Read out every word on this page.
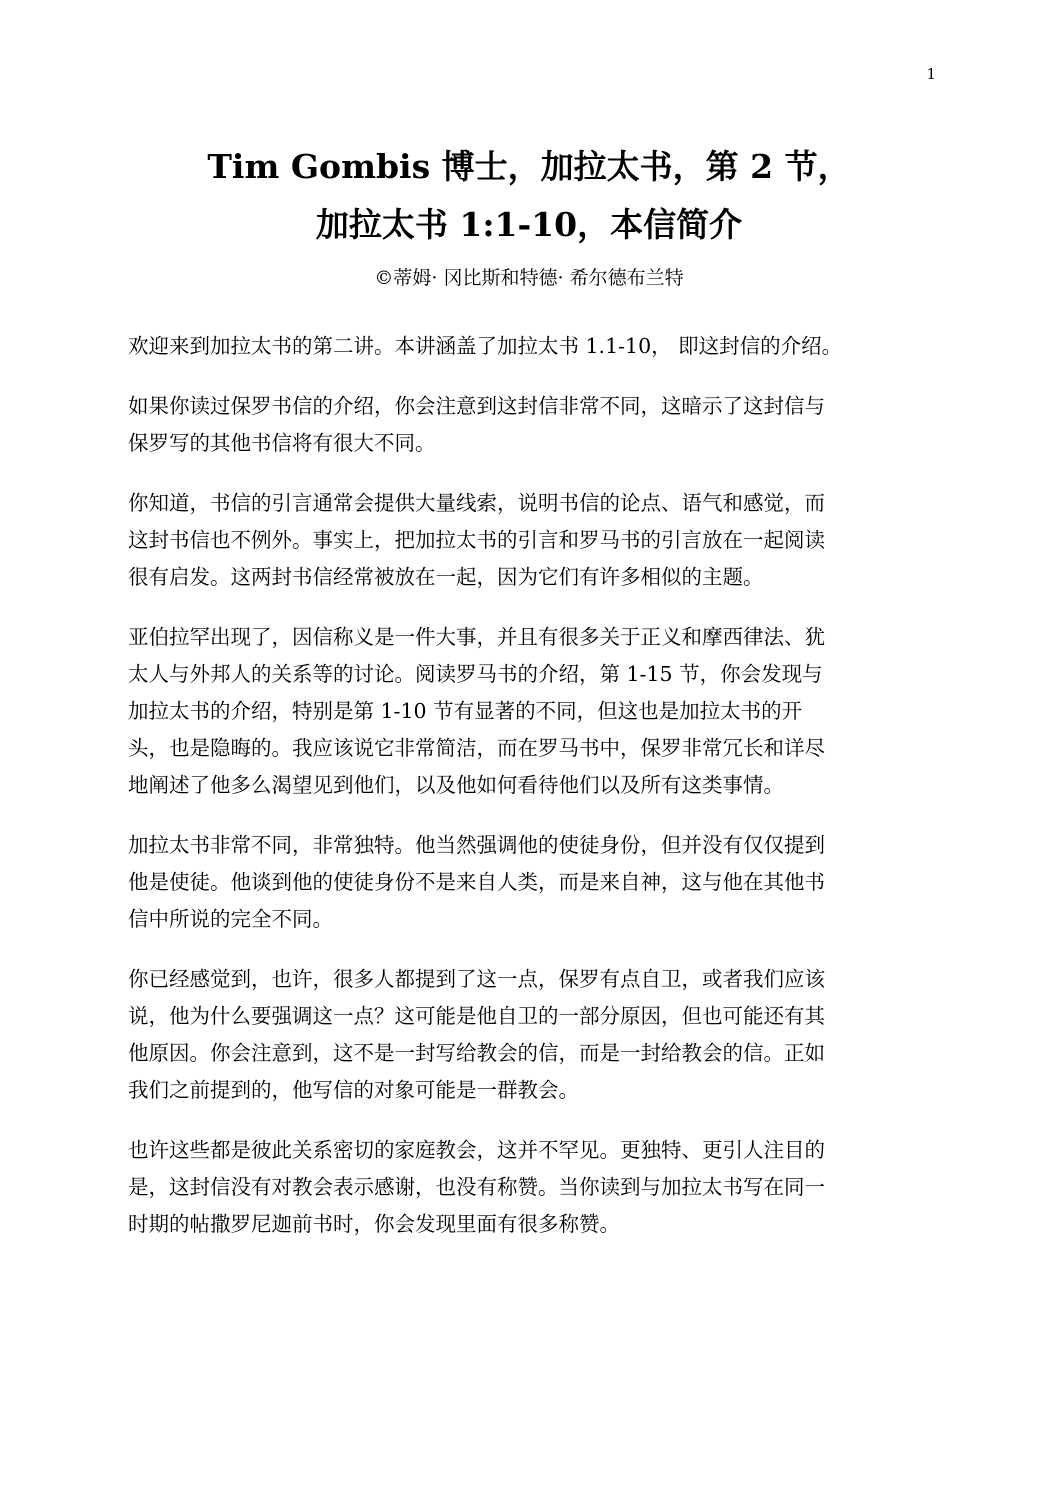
1
Tim Gombis 博士，加拉太书，第 2 节，
加拉太书 1:1-10，本信简介
©蒂姆· 冈比斯和特德· 希尔德布兰特

欢迎来到加拉太书的第二讲。本讲涵盖了加拉太书 1.1-10， 即这封信的介绍。

如果你读过保罗书信的介绍，你会注意到这封信非常不同，这暗示了这封信与
保罗写的其他书信将有很大不同。

你知道，书信的引言通常会提供大量线索，说明书信的论点、语气和感觉，而
这封书信也不例外。事实上，把加拉太书的引言和罗马书的引言放在一起阅读
很有启发。这两封书信经常被放在一起，因为它们有许多相似的主题。

亚伯拉罕出现了，因信称义是一件大事，并且有很多关于正义和摩西律法、犹
太人与外邦人的关系等的讨论。阅读罗马书的介绍，第 1-15 节，你会发现与
加拉太书的介绍，特别是第 1-10 节有显著的不同，但这也是加拉太书的开
头，也是隐晦的。我应该说它非常简洁，而在罗马书中，保罗非常冗长和详尽
地阐述了他多么渴望见到他们，以及他如何看待他们以及所有这类事情。

加拉太书非常不同，非常独特。他当然强调他的使徒身份，但并没有仅仅提到
他是使徒。他谈到他的使徒身份不是来自人类，而是来自神，这与他在其他书
信中所说的完全不同。

你已经感觉到，也许，很多人都提到了这一点，保罗有点自卫，或者我们应该
说，他为什么要强调这一点？这可能是他自卫的一部分原因，但也可能还有其
他原因。你会注意到，这不是一封写给教会的信，而是一封给教会的信。正如
我们之前提到的，他写信的对象可能是一群教会。

也许这些都是彼此关系密切的家庭教会，这并不罕见。更独特、更引人注目的
是，这封信没有对教会表示感谢，也没有称赞。当你读到与加拉太书写在同一
时期的帖撒罗尼迦前书时，你会发现里面有很多称赞。
